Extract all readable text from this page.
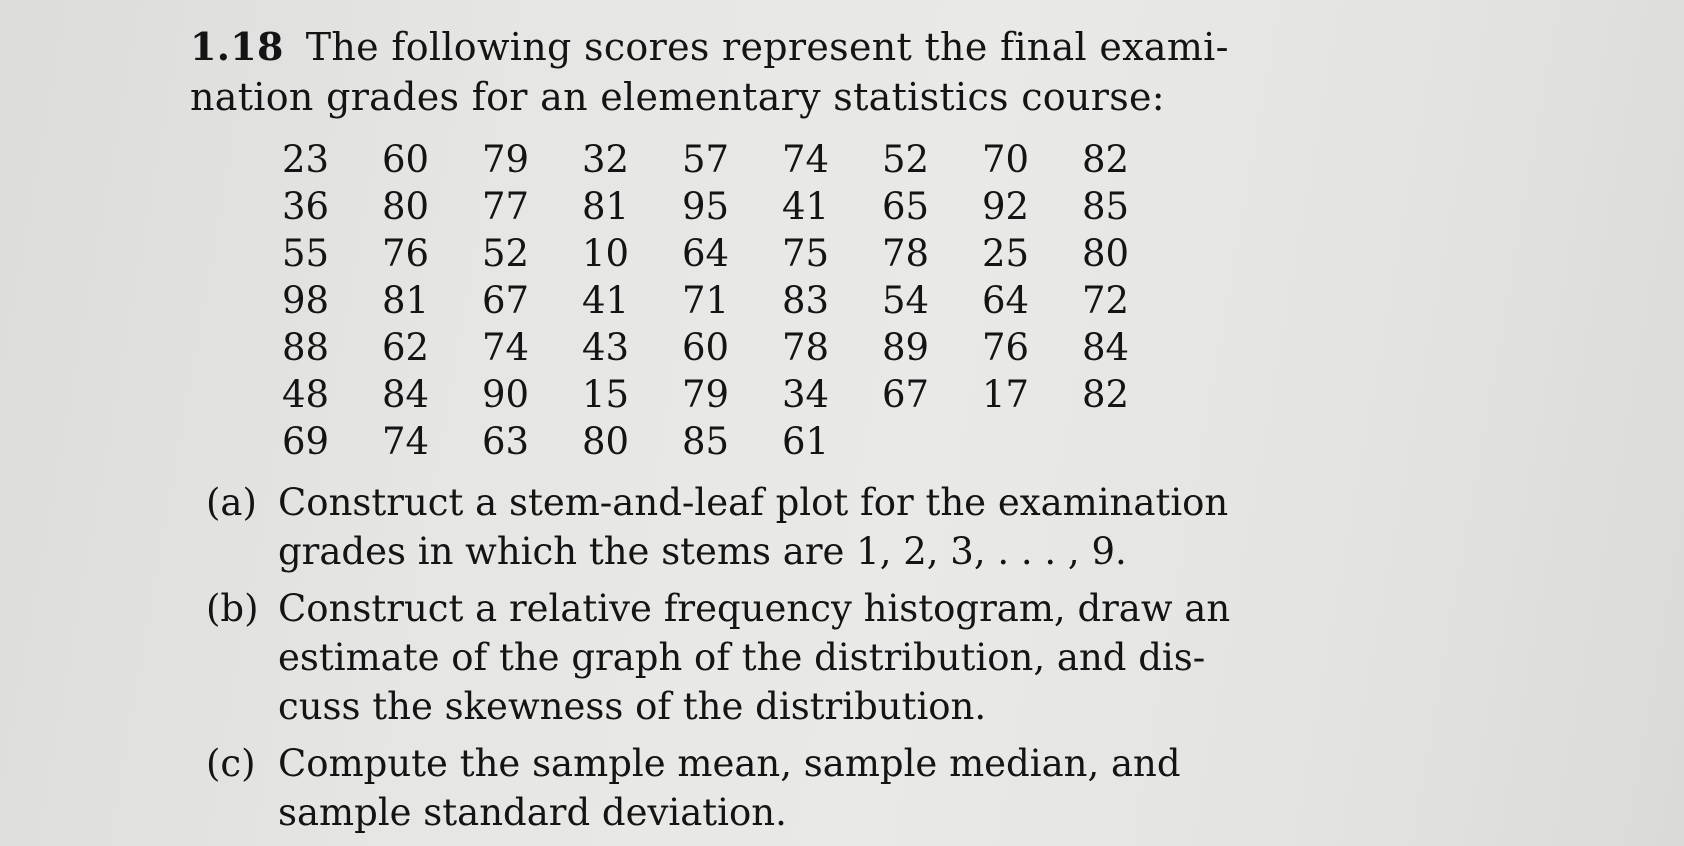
1.18 The following scores represent the final exami-
nation grades for an elementary statistics course:
23	60	79	32	57	74	52	70	82
36	80	77	81	95	41	65	92	85
55	76	52	10	64	75	78	25	80
98	81	67	41	71	83	54	64	72
88	62	74	43	60	78	89	76	84
48	84	90	15	79	34	67	17	82
69	74	63	80	85	61
(a) Construct a stem-and-leaf plot for the examination
grades in which the stems are 1, 2, 3, . . . , 9.
(b) Construct a relative frequency histogram, draw an
estimate of the graph of the distribution, and dis-
cuss the skewness of the distribution.
(c) Compute the sample mean, sample median, and
sample standard deviation.
